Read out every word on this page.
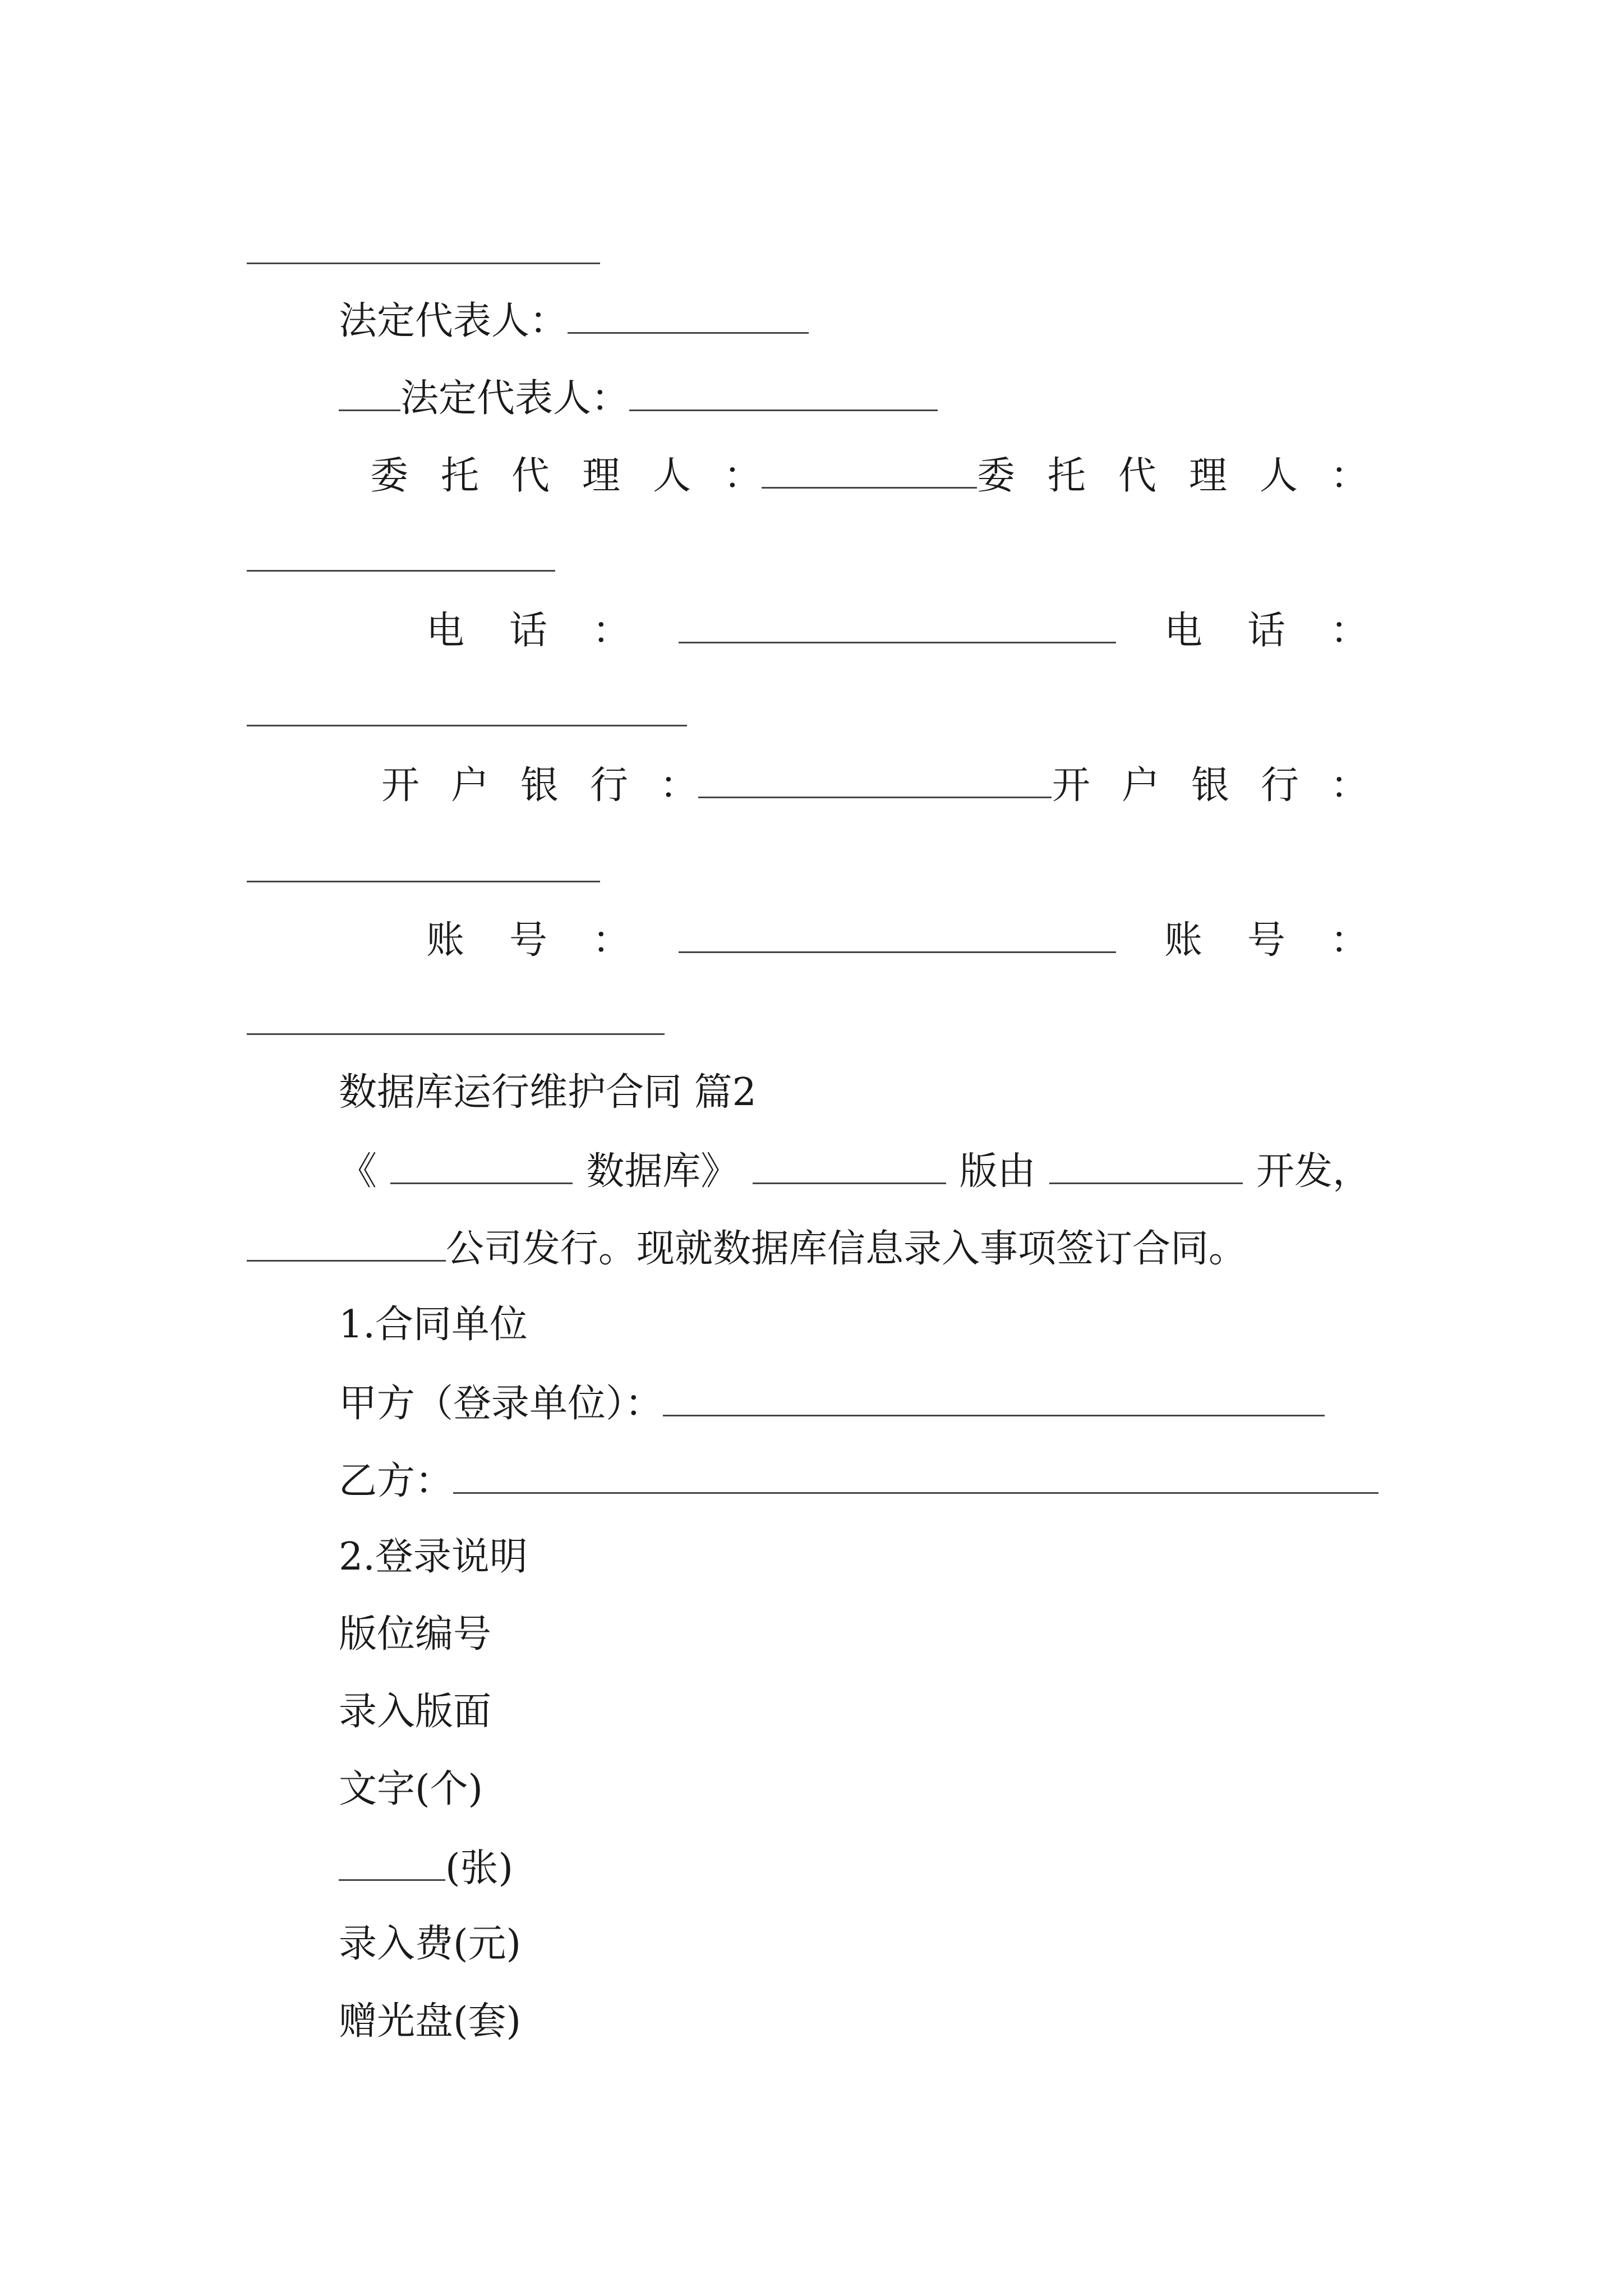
法定代表人：
法定代表人：
委 托 代 理 人 ：	委 托 代 理 人 ：
电 话 ：	电 话 ：
开 户 银 行 ：	开 户 银 行 ：
账 号 ：	账 号 ：
数据库运行维护合同 篇2
《	数据库》	版由	开发，
公司发行。现就数据库信息录入事项签订合同。
1.合同单位
甲方（登录单位）：
乙方：
2.登录说明
版位编号
录入版面
文字(个)
(张)
录入费(元)
赠光盘(套)
